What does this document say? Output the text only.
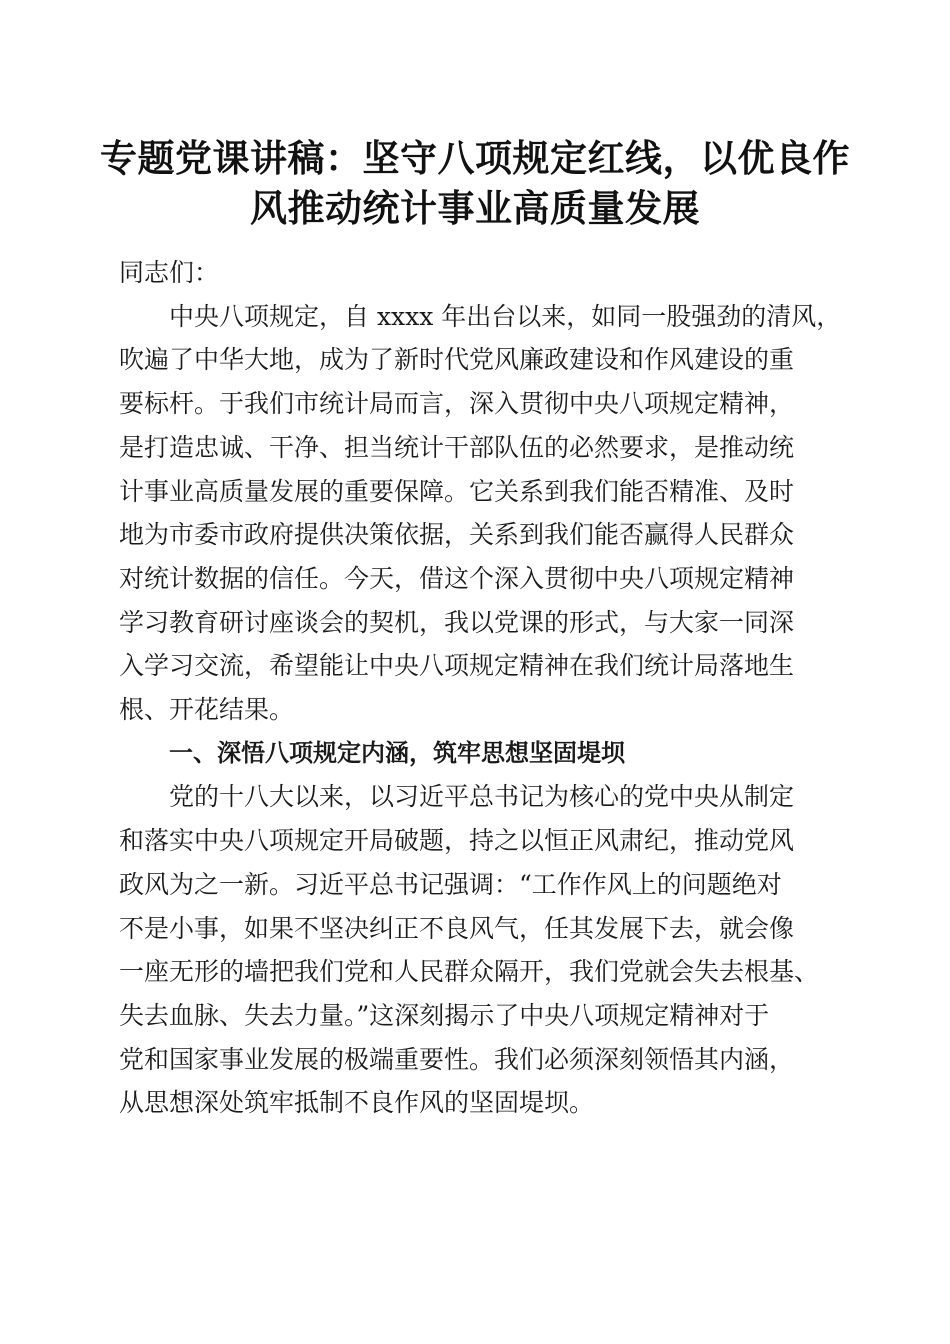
专题党课讲稿：坚守八项规定红线，以优良作
风推动统计事业高质量发展
同志们：
中央八项规定，自 xxxx 年出台以来，如同一股强劲的清风，
吹遍了中华大地，成为了新时代党风廉政建设和作风建设的重
要标杆。于我们市统计局而言，深入贯彻中央八项规定精神，
是打造忠诚、干净、担当统计干部队伍的必然要求，是推动统
计事业高质量发展的重要保障。它关系到我们能否精准、及时
地为市委市政府提供决策依据，关系到我们能否赢得人民群众
对统计数据的信任。今天，借这个深入贯彻中央八项规定精神
学习教育研讨座谈会的契机，我以党课的形式，与大家一同深
入学习交流，希望能让中央八项规定精神在我们统计局落地生
根、开花结果。
一、深悟八项规定内涵，筑牢思想坚固堤坝
党的十八大以来，以习近平总书记为核心的党中央从制定
和落实中央八项规定开局破题，持之以恒正风肃纪，推动党风
政风为之一新。习近平总书记强调：“工作作风上的问题绝对
不是小事，如果不坚决纠正不良风气，任其发展下去，就会像
一座无形的墙把我们党和人民群众隔开，我们党就会失去根基、
失去血脉、失去力量。”这深刻揭示了中央八项规定精神对于
党和国家事业发展的极端重要性。我们必须深刻领悟其内涵，
从思想深处筑牢抵制不良作风的坚固堤坝。
